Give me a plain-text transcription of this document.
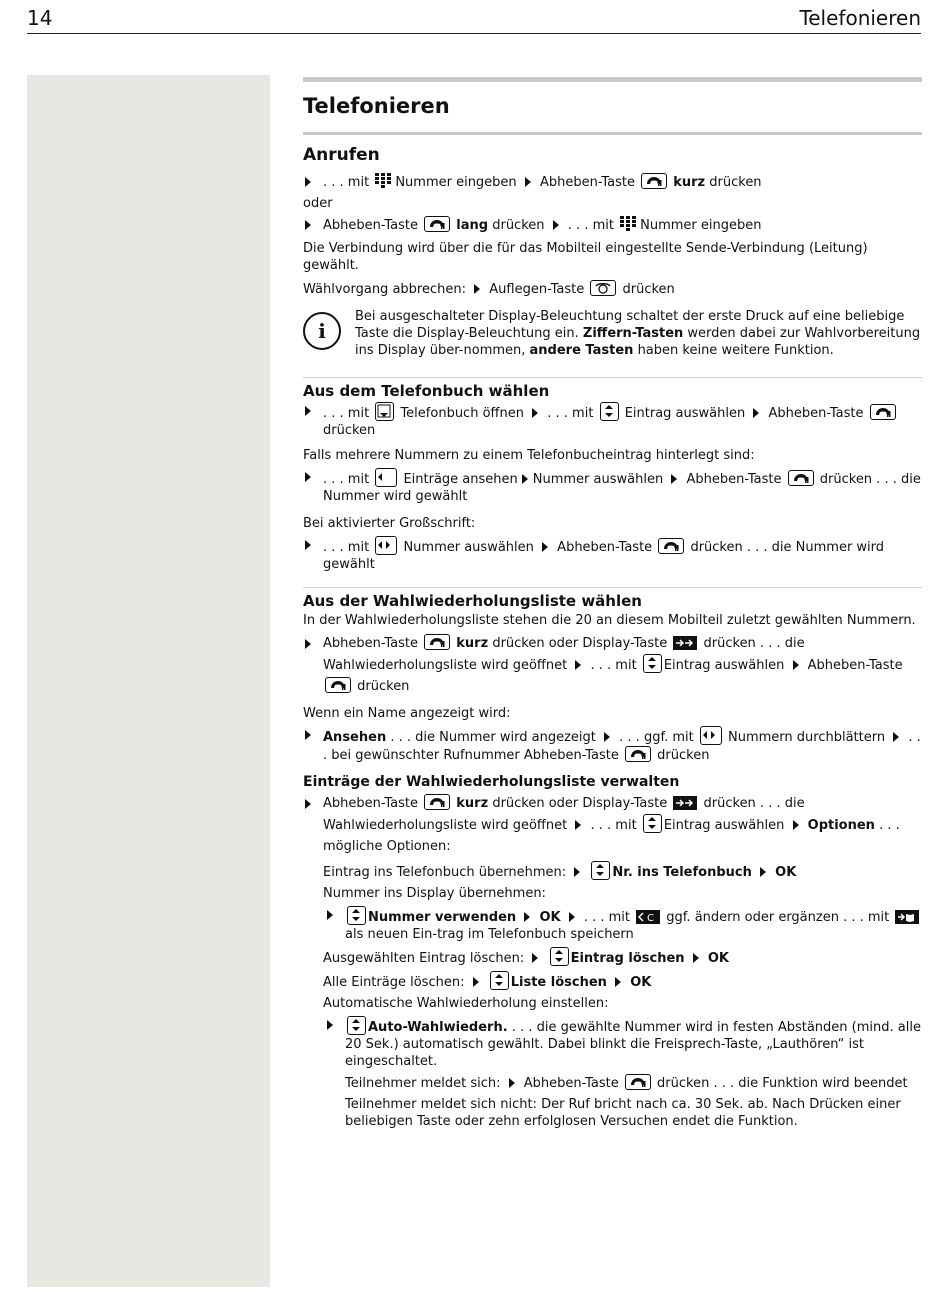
14	Telefonieren
Telefonieren
Anrufen

. . . mit Nummer eingeben Abheben-Taste	kurz drücken

oder

Abheben-Taste	lang drücken . . . mit Nummer eingeben

Die Verbindung wird über die für das Mobilteil eingestellte Sende-Verbindung (Leitung) gewählt.

Wählvorgang abbrechen: Auflegen-Taste	drücken

i

Bei ausgeschalteter Display-Beleuchtung schaltet der erste Druck auf eine beliebige Taste die Display-Beleuchtung ein. Ziffern-Tasten werden dabei zur Wahlvorbereitung ins Display über-nommen, andere Tasten haben keine weitere Funktion.

Aus dem Telefonbuch wählen

. . . mit Telefonbuch öffnen . . . mit Eintrag auswählen Abheben-Taste
drücken

Falls mehrere Nummern zu einem Telefonbucheintrag hinterlegt sind:

. . . mit	Einträge ansehen Nummer auswählen Abheben-Taste	drücken . . . die Nummer wird gewählt

Bei aktivierter Großschrift:

. . . mit	Nummer auswählen Abheben-Taste	drücken . . . die Nummer wird gewählt

Aus der Wahlwiederholungsliste wählen

In der Wahlwiederholungsliste stehen die 20 an diesem Mobilteil zuletzt gewählten Nummern.

Abheben-Taste	kurz drücken oder Display-Taste	drücken . . . die Wahlwiederholungsliste wird geöffnet . . . mit Eintrag auswählen Abheben-Taste
drücken

Wenn ein Name angezeigt wird:

Ansehen . . . die Nummer wird angezeigt . . . ggf. mit	Nummern durchblättern . . . bei gewünschter Rufnummer Abheben-Taste	drücken

Einträge der Wahlwiederholungsliste verwalten

Abheben-Taste	kurz drücken oder Display-Taste	drücken . . . die Wahlwiederholungsliste wird geöffnet . . . mit Eintrag auswählen Optionen . . . mögliche Optionen:

Eintrag ins Telefonbuch übernehmen:	Nr. ins Telefonbuch OK

Nummer ins Display übernehmen:

Nummer verwenden OK . . . mit	ggf. ändern oder ergänzen . . . mit
als neuen Ein-trag im Telefonbuch speichern

Ausgewählten Eintrag löschen:	Eintrag löschen OK

Alle Einträge löschen:	Liste löschen OK

Automatische Wahlwiederholung einstellen:

Auto-Wahlwiederh. . . . die gewählte Nummer wird in festen Abständen (mind. alle 20 Sek.) automatisch gewählt. Dabei blinkt die Freisprech-Taste, „Lauthören“ ist eingeschaltet.

Teilnehmer meldet sich: Abheben-Taste	drücken . . . die Funktion wird beendet

Teilnehmer meldet sich nicht: Der Ruf bricht nach ca. 30 Sek. ab. Nach Drücken einer beliebigen Taste oder zehn erfolglosen Versuchen endet die Funktion.
